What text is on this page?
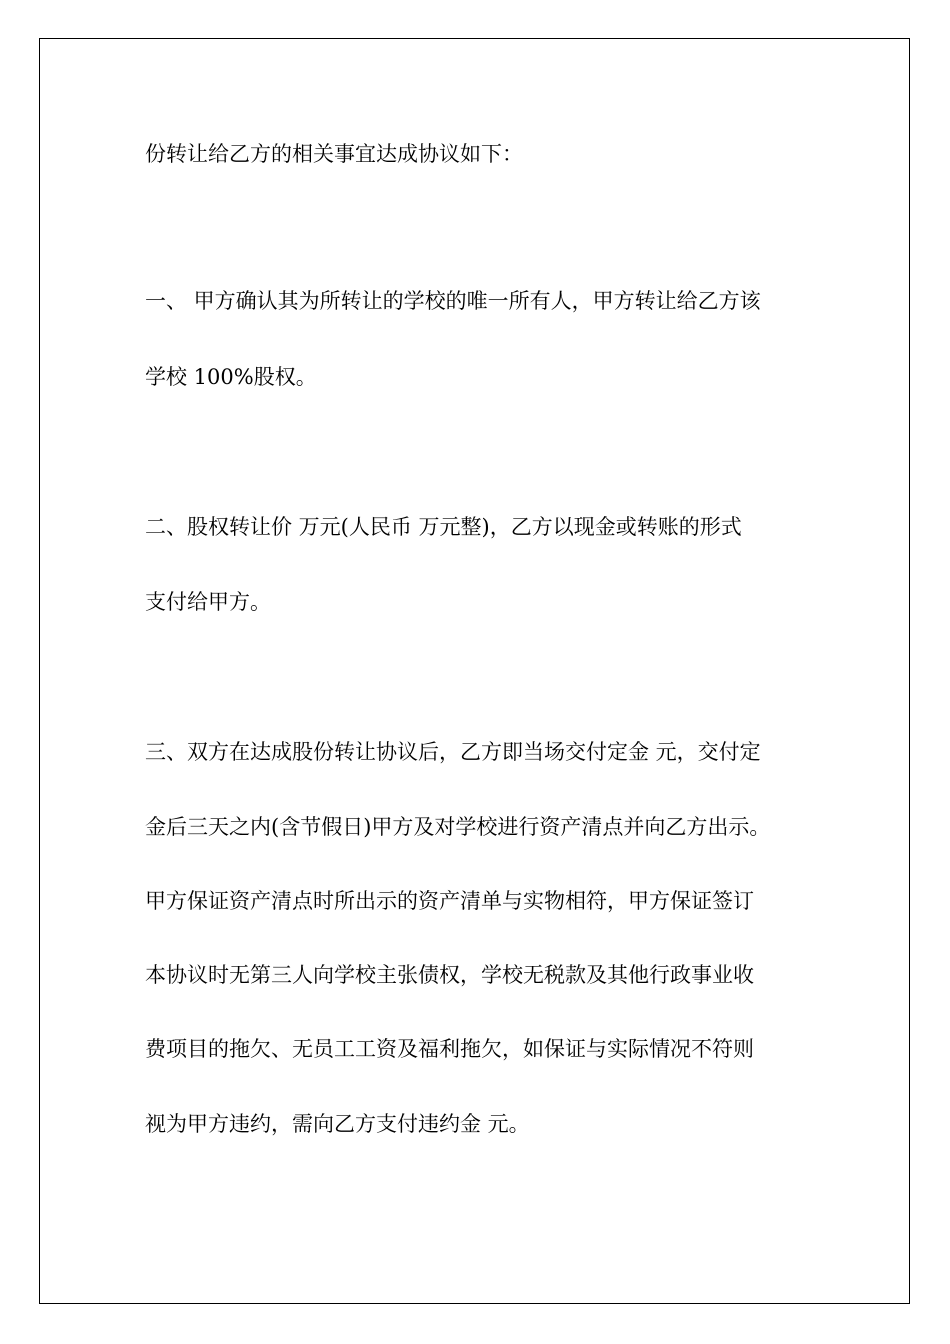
份转让给乙方的相关事宜达成协议如下：

一、 甲方确认其为所转让的学校的唯一所有人，甲方转让给乙方该

学校 100%股权。

二、股权转让价 万元(人民币 万元整)，乙方以现金或转账的形式

支付给甲方。

三、双方在达成股份转让协议后，乙方即当场交付定金 元，交付定

金后三天之内(含节假日)甲方及对学校进行资产清点并向乙方出示。

甲方保证资产清点时所出示的资产清单与实物相符，甲方保证签订

本协议时无第三人向学校主张债权，学校无税款及其他行政事业收

费项目的拖欠、无员工工资及福利拖欠，如保证与实际情况不符则

视为甲方违约，需向乙方支付违约金 元。
